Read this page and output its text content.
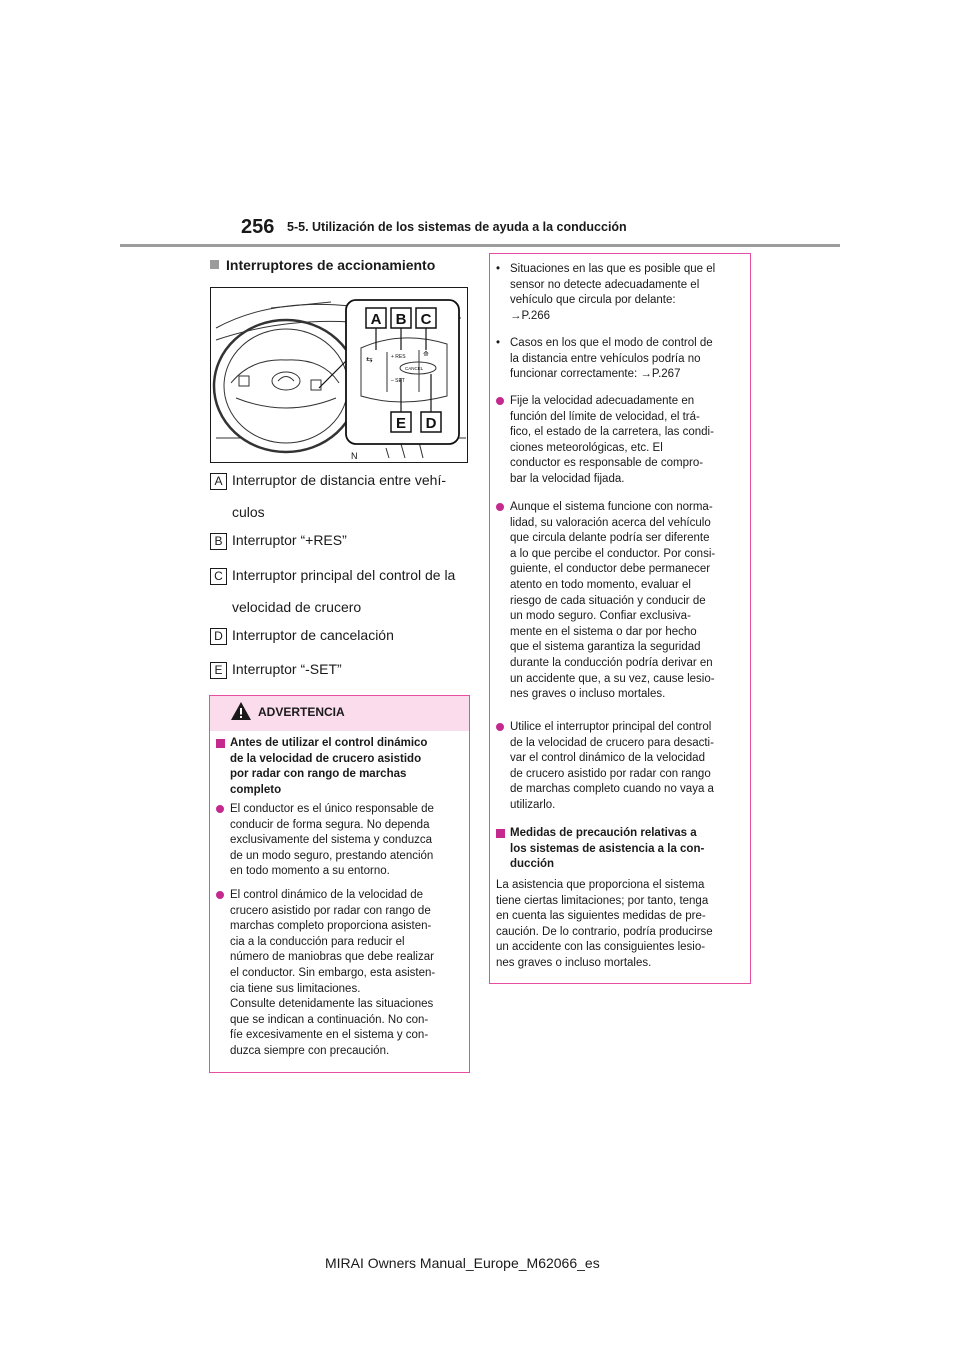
256 5-5. Utilización de los sistemas de ayuda a la conducción
Interruptores de accionamiento
⇆	+ RES
– SET
CANCEL
⟰
A B C
D
E
N
A Interruptor de distancia entre vehí-
culos
B Interruptor “+RES”
C Interruptor principal del control de la
velocidad de crucero
D Interruptor de cancelación
E Interruptor “-SET”
ADVERTENCIA
Antes de utilizar el control dinámico
de la velocidad de crucero asistido
por radar con rango de marchas
completo
El conductor es el único responsable de
conducir de forma segura. No dependa
exclusivamente del sistema y conduzca
de un modo seguro, prestando atención
en todo momento a su entorno.
El control dinámico de la velocidad de
crucero asistido por radar con rango de
marchas completo proporciona asisten-
cia a la conducción para reducir el
número de maniobras que debe realizar
el conductor. Sin embargo, esta asisten-
cia tiene sus limitaciones.
Consulte detenidamente las situaciones
que se indican a continuación. No con-
fíe excesivamente en el sistema y con-
duzca siempre con precaución.
• Situaciones en las que es posible que el
sensor no detecte adecuadamente el
vehículo que circula por delante:
→P.266
• Casos en los que el modo de control de
la distancia entre vehículos podría no
funcionar correctamente: →P.267
Fije la velocidad adecuadamente en
función del límite de velocidad, el trá-
fico, el estado de la carretera, las condi-
ciones meteorológicas, etc. El
conductor es responsable de compro-
bar la velocidad fijada.
Aunque el sistema funcione con norma-
lidad, su valoración acerca del vehículo
que circula delante podría ser diferente
a lo que percibe el conductor. Por consi-
guiente, el conductor debe permanecer
atento en todo momento, evaluar el
riesgo de cada situación y conducir de
un modo seguro. Confiar exclusiva-
mente en el sistema o dar por hecho
que el sistema garantiza la seguridad
durante la conducción podría derivar en
un accidente que, a su vez, cause lesio-
nes graves o incluso mortales.
Utilice el interruptor principal del control
de la velocidad de crucero para desacti-
var el control dinámico de la velocidad
de crucero asistido por radar con rango
de marchas completo cuando no vaya a
utilizarlo.
Medidas de precaución relativas a
los sistemas de asistencia a la con-
ducción
La asistencia que proporciona el sistema
tiene ciertas limitaciones; por tanto, tenga
en cuenta las siguientes medidas de pre-
caución. De lo contrario, podría producirse
un accidente con las consiguientes lesio-
nes graves o incluso mortales.
MIRAI Owners Manual_Europe_M62066_es
